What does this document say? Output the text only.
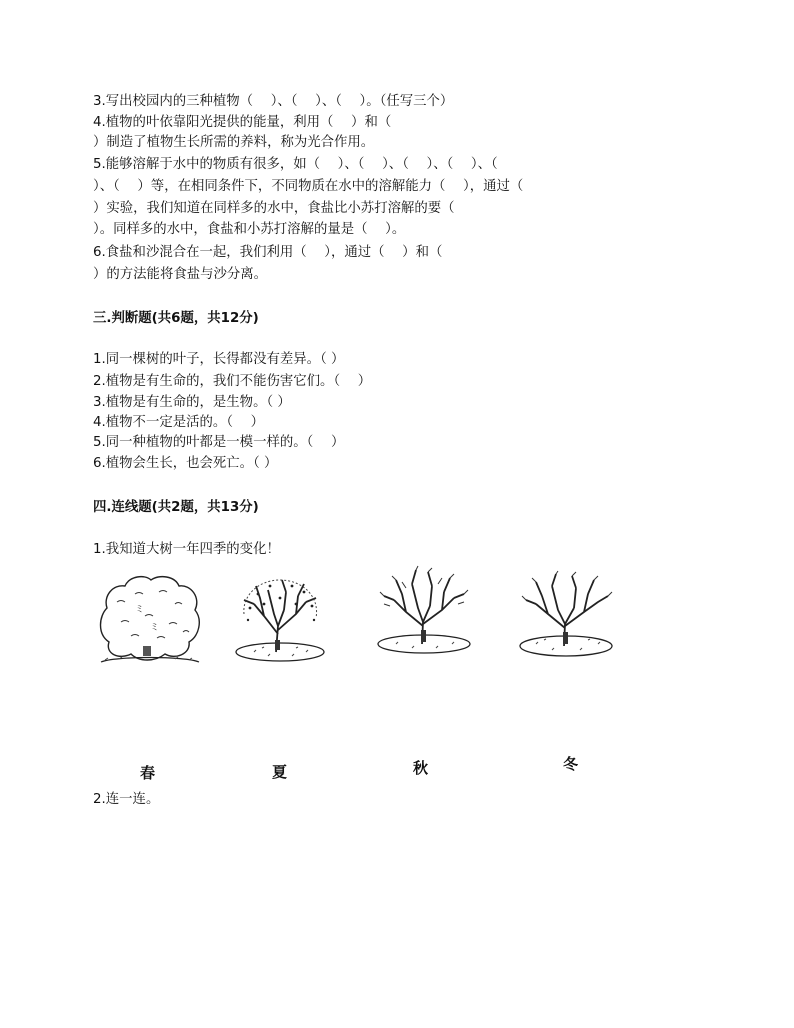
3.写出校园内的三种植物（　 ）、（　 ）、（　 ）。（任写三个）
4.植物的叶依靠阳光提供的能量，利用（　 ）和（
）制造了植物生长所需的养料，称为光合作用。
5.能够溶解于水中的物质有很多，如（　 ）、（　 ）、（　 ）、（　 ）、（
）、（　 ）等，在相同条件下，不同物质在水中的溶解能力（　 ），通过（
）实验，我们知道在同样多的水中，食盐比小苏打溶解的要（
）。同样多的水中，食盐和小苏打溶解的量是（　 ）。
6.食盐和沙混合在一起，我们利用（　 ），通过（　 ）和（
）的方法能将食盐与沙分离。
三.判断题(共6题，共12分)
1.同一棵树的叶子，长得都没有差异。（ ）
2.植物是有生命的，我们不能伤害它们。（　 ）
3.植物是有生命的，是生物。（ ）
4.植物不一定是活的。（　 ）
5.同一种植物的叶都是一模一样的。（　 ）
6.植物会生长，也会死亡。（ ）
四.连线题(共2题，共13分)
1.我知道大树一年四季的变化！
ミ
ミ
春	夏	秋	冬
2.连一连。
